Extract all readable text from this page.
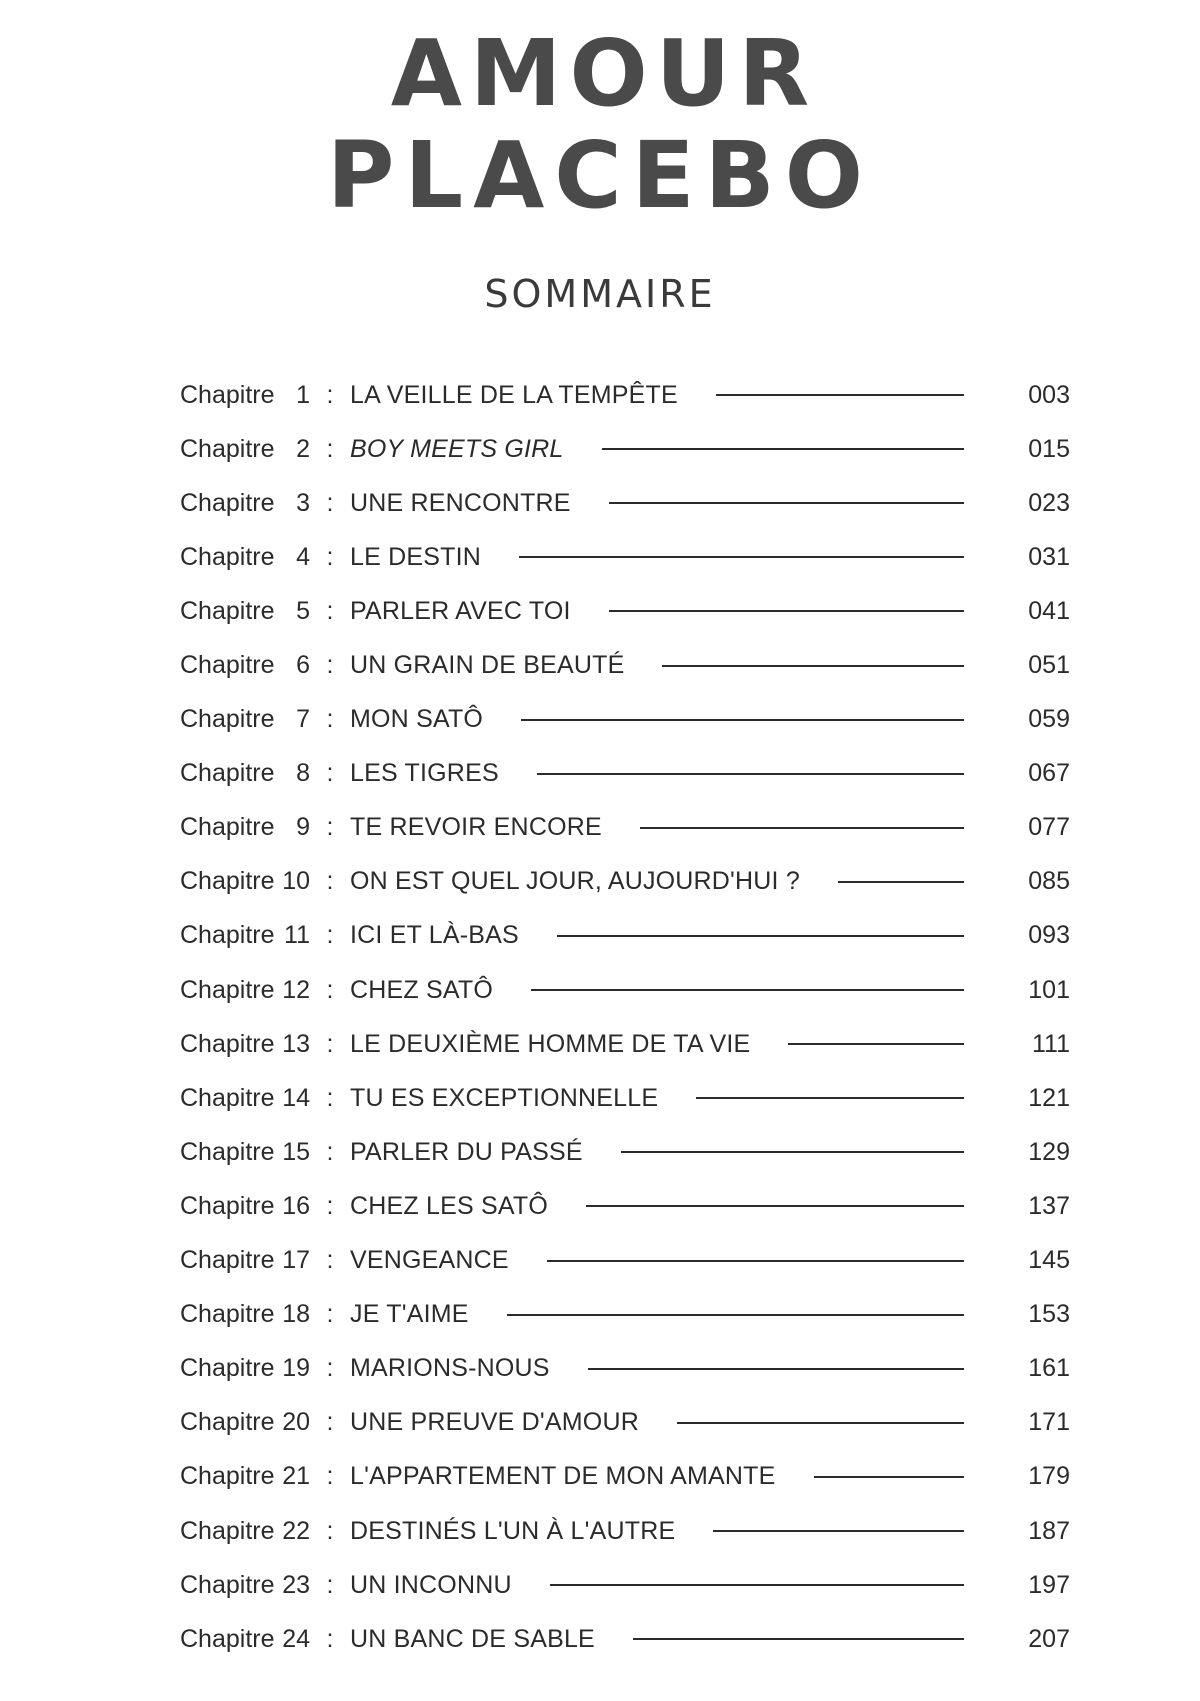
AMOUR
PLACEBO
SOMMAIRE
Chapitre 1 : LA VEILLE DE LA TEMPÊTE	003
Chapitre 2 : BOY MEETS GIRL	015
Chapitre 3 : UNE RENCONTRE	023
Chapitre 4 : LE DESTIN	031
Chapitre 5 : PARLER AVEC TOI	041
Chapitre 6 : UN GRAIN DE BEAUTÉ	051
Chapitre 7 : MON SATÔ	059
Chapitre 8 : LES TIGRES	067
Chapitre 9 : TE REVOIR ENCORE	077
Chapitre 10 : ON EST QUEL JOUR, AUJOURD'HUI ?	085
Chapitre 11 : ICI ET LÀ-BAS	093
Chapitre 12 : CHEZ SATÔ	101
Chapitre 13 : LE DEUXIÈME HOMME DE TA VIE	111
Chapitre 14 : TU ES EXCEPTIONNELLE	121
Chapitre 15 : PARLER DU PASSÉ	129
Chapitre 16 : CHEZ LES SATÔ	137
Chapitre 17 : VENGEANCE	145
Chapitre 18 : JE T'AIME	153
Chapitre 19 : MARIONS-NOUS	161
Chapitre 20 : UNE PREUVE D'AMOUR	171
Chapitre 21 : L'APPARTEMENT DE MON AMANTE	179
Chapitre 22 : DESTINÉS L'UN À L'AUTRE	187
Chapitre 23 : UN INCONNU	197
Chapitre 24 : UN BANC DE SABLE	207
